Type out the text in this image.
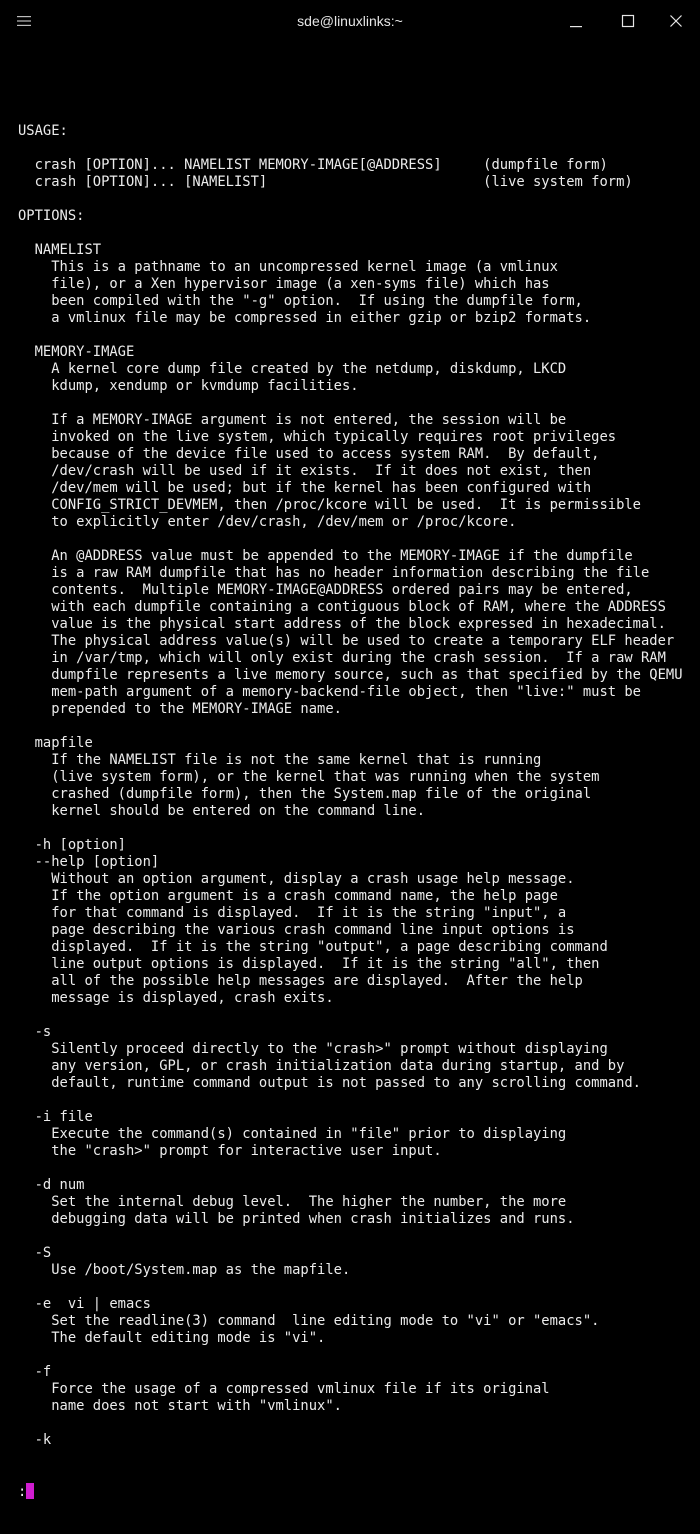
sde@linuxlinks:~

USAGE:
crash [OPTION]... NAMELIST MEMORY-IMAGE[@ADDRESS]     (dumpfile form)
crash [OPTION]... [NAMELIST]                          (live system form)
OPTIONS:
NAMELIST
This is a pathname to an uncompressed kernel image (a vmlinux
file), or a Xen hypervisor image (a xen-syms file) which has
been compiled with the "-g" option.  If using the dumpfile form,
a vmlinux file may be compressed in either gzip or bzip2 formats.
MEMORY-IMAGE
A kernel core dump file created by the netdump, diskdump, LKCD
kdump, xendump or kvmdump facilities.
If a MEMORY-IMAGE argument is not entered, the session will be
invoked on the live system, which typically requires root privileges
because of the device file used to access system RAM.  By default,
/dev/crash will be used if it exists.  If it does not exist, then
/dev/mem will be used; but if the kernel has been configured with
CONFIG_STRICT_DEVMEM, then /proc/kcore will be used.  It is permissible
to explicitly enter /dev/crash, /dev/mem or /proc/kcore.
An @ADDRESS value must be appended to the MEMORY-IMAGE if the dumpfile
is a raw RAM dumpfile that has no header information describing the file
contents.  Multiple MEMORY-IMAGE@ADDRESS ordered pairs may be entered,
with each dumpfile containing a contiguous block of RAM, where the ADDRESS
value is the physical start address of the block expressed in hexadecimal.
The physical address value(s) will be used to create a temporary ELF header
in /var/tmp, which will only exist during the crash session.  If a raw RAM
dumpfile represents a live memory source, such as that specified by the QEMU
mem-path argument of a memory-backend-file object, then "live:" must be
prepended to the MEMORY-IMAGE name.
mapfile
If the NAMELIST file is not the same kernel that is running
(live system form), or the kernel that was running when the system
crashed (dumpfile form), then the System.map file of the original
kernel should be entered on the command line.
-h [option]
--help [option]
Without an option argument, display a crash usage help message.
If the option argument is a crash command name, the help page
for that command is displayed.  If it is the string "input", a
page describing the various crash command line input options is
displayed.  If it is the string "output", a page describing command
line output options is displayed.  If it is the string "all", then
all of the possible help messages are displayed.  After the help
message is displayed, crash exits.
-s
Silently proceed directly to the "crash>" prompt without displaying
any version, GPL, or crash initialization data during startup, and by
default, runtime command output is not passed to any scrolling command.
-i file
Execute the command(s) contained in "file" prior to displaying
the "crash>" prompt for interactive user input.
-d num
Set the internal debug level.  The higher the number, the more
debugging data will be printed when crash initializes and runs.
-S
Use /boot/System.map as the mapfile.
-e  vi | emacs
Set the readline(3) command  line editing mode to "vi" or "emacs".
The default editing mode is "vi".
-f
Force the usage of a compressed vmlinux file if its original
name does not start with "vmlinux".
-k

:
